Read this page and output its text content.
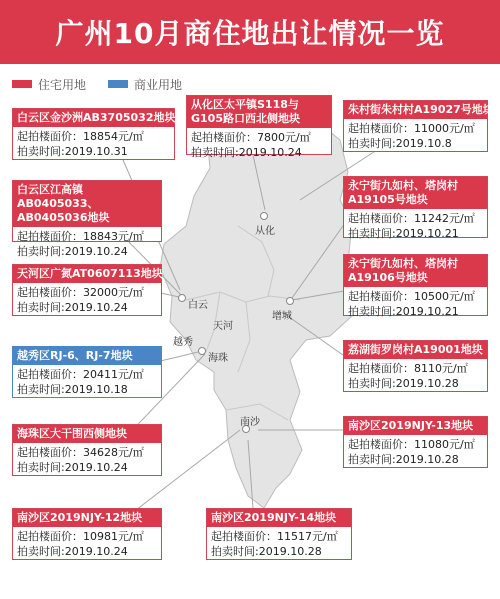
广州10月商住地出让情况一览
住宅用地	商业用地
从化
增城
白云
天河
越秀
海珠
南沙
白云区金沙洲AB3705032地块
起拍楼面价：18854元/㎡
拍卖时间:2019.10.31
从化区太平镇S118与G105路口西北侧地块
起拍楼面价：7800元/㎡
拍卖时间:2019.10.24
朱村街朱村村A19027号地块
起拍楼面价：11000元/㎡
拍卖时间:2019.10.8
白云区江高镇AB0405033、AB0405036地块
起拍楼面价：18843元/㎡
拍卖时间:2019.10.24
永宁街九如村、塔岗村A19105号地块
起拍楼面价：11242元/㎡
拍卖时间:2019.10.21
天河区广氮AT0607113地块
起拍楼面价：32000元/㎡
拍卖时间:2019.10.24
永宁街九如村、塔岗村A19106号地块
起拍楼面价：10500元/㎡
拍卖时间:2019.10.21
越秀区RJ-6、RJ-7地块
起拍楼面价：20411元/㎡
拍卖时间:2019.10.18
荔湖街罗岗村A19001地块
起拍楼面价：8110元/㎡
拍卖时间:2019.10.28
海珠区大干围西侧地块
起拍楼面价：34628元/㎡
拍卖时间:2019.10.24
南沙区2019NJY-13地块
起拍楼面价：11080元/㎡
拍卖时间:2019.10.28
南沙区2019NJY-12地块
起拍楼面价：10981元/㎡
拍卖时间:2019.10.24
南沙区2019NJY-14地块
起拍楼面价：11517元/㎡
拍卖时间:2019.10.28
